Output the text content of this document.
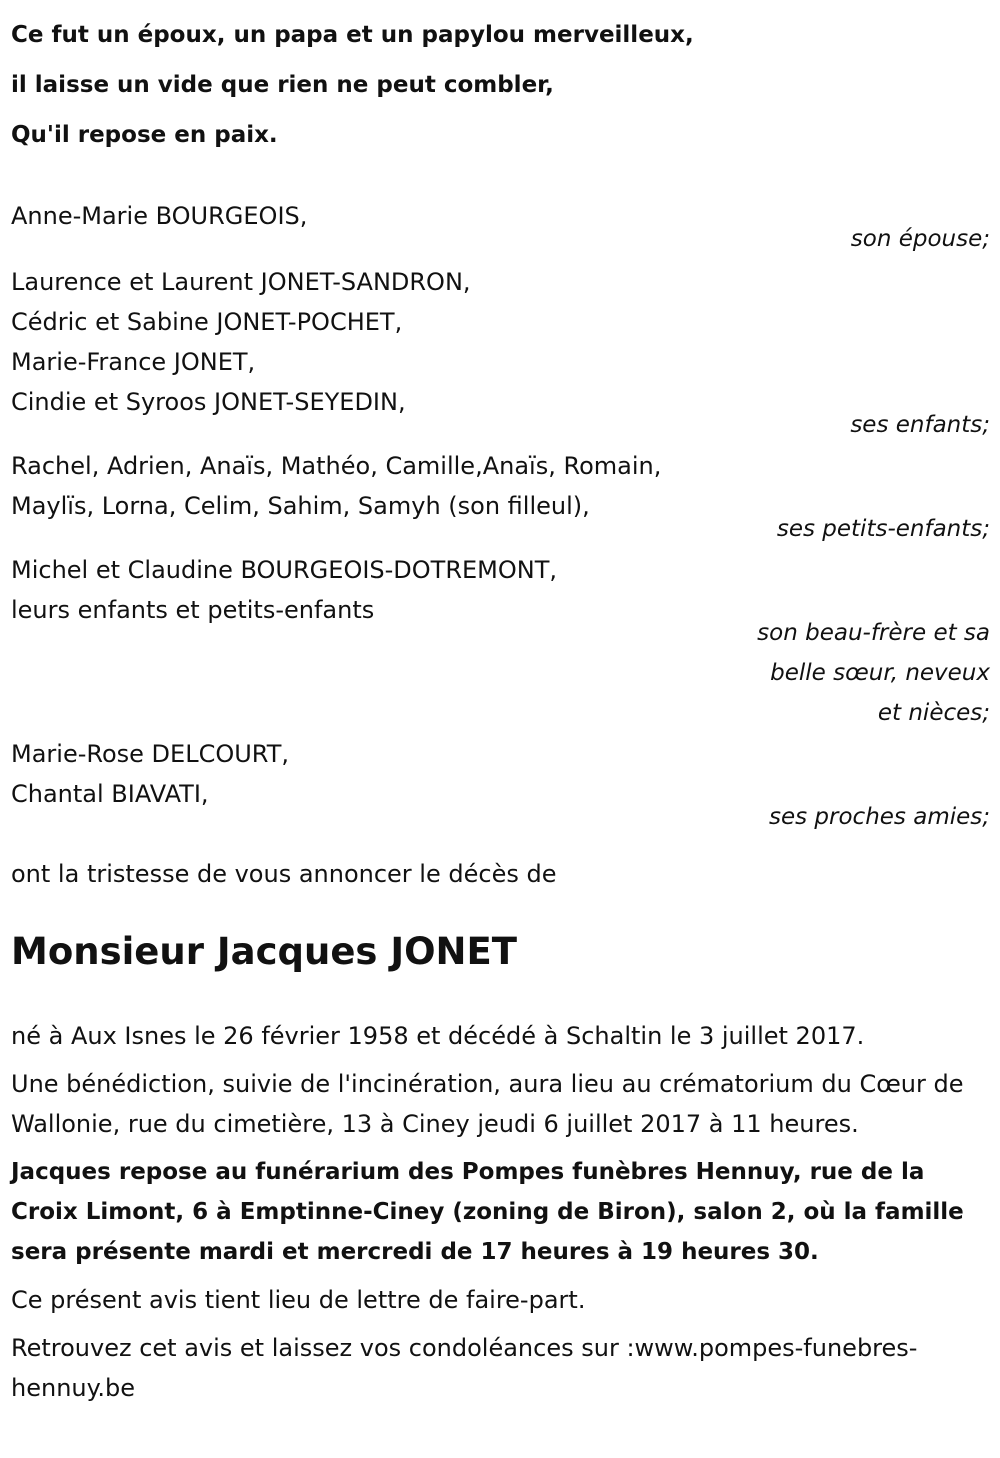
Ce fut un époux, un papa et un papylou merveilleux,

il laisse un vide que rien ne peut combler,

Qu'il repose en paix.

Anne-Marie BOURGEOIS,

son épouse;

Laurence et Laurent JONET-SANDRON,

Cédric et Sabine JONET-POCHET,

Marie-France JONET,

Cindie et Syroos JONET-SEYEDIN,

ses enfants;

Rachel, Adrien, Anaïs, Mathéo, Camille,Anaïs, Romain,

Maylïs, Lorna, Celim, Sahim, Samyh (son filleul),

ses petits-enfants;

Michel et Claudine BOURGEOIS-DOTREMONT,

leurs enfants et petits-enfants

son beau-frère et sa
belle sœur, neveux
et nièces;

Marie-Rose DELCOURT,

Chantal BIAVATI,

ses proches amies;

ont la tristesse de vous annoncer le décès de

Monsieur Jacques JONET

né à Aux Isnes le 26 février 1958 et décédé à Schaltin le 3 juillet 2017.

Une bénédiction, suivie de l'incinération, aura lieu au crématorium du Cœur de Wallonie, rue du cimetière, 13 à Ciney jeudi 6 juillet 2017 à 11 heures.

Jacques repose au funérarium des Pompes funèbres Hennuy, rue de la Croix Limont, 6 à Emptinne-Ciney (zoning de Biron), salon 2, où la famille sera présente mardi et mercredi de 17 heures à 19 heures 30.

Ce présent avis tient lieu de lettre de faire-part.

Retrouvez cet avis et laissez vos condoléances sur :www.pompes-funebres-hennuy.be
